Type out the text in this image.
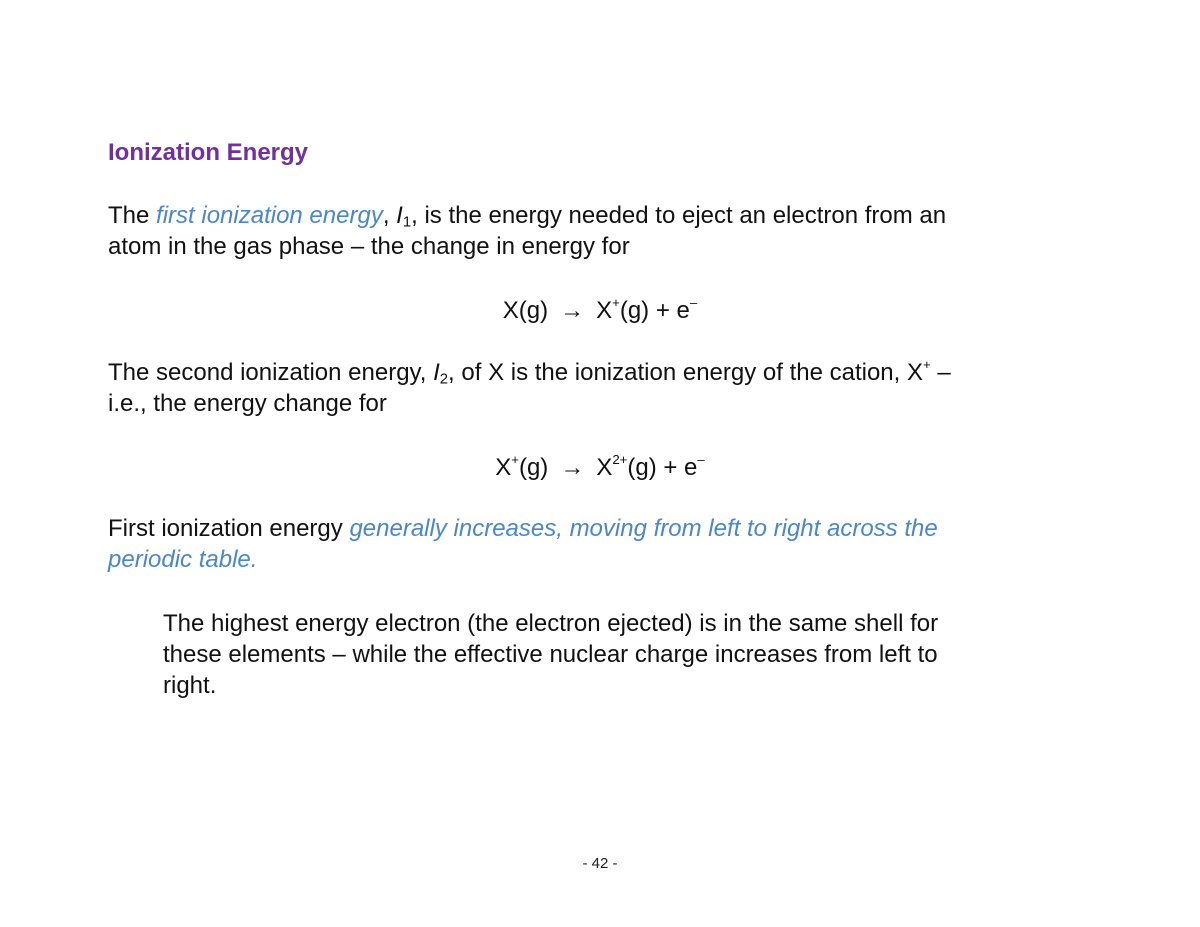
Ionization Energy
The first ionization energy, $I_1$, is the energy needed to eject an electron from an
atom in the gas phase – the change in energy for
X(g) → X+(g) + e–
The second ionization energy, $I_2$, of X is the ionization energy of the cation, X+ –
i.e., the energy change for
$X^+(g) \to X^{2+}(g) + e^-$
First ionization energy generally increases, moving from left to right across the
periodic table.
The highest energy electron (the electron ejected) is in the same shell for
these elements – while the effective nuclear charge increases from left to
right.
- 42 -
